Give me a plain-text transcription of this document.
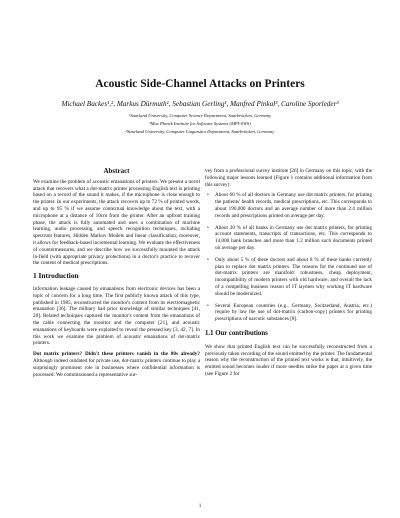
Acoustic Side-Channel Attacks on Printers
Michael Backes¹,², Markus Dürmuth¹, Sebastian Gerling¹, Manfred Pinkal³, Caroline Sporleder³
¹Saarland University, Computer Science Department, Saarbrücken, Germany
²Max Planck Institute for Software Systems (MPI-SWS)
³Saarland University, Computer Linguistics Department, Saarbrücken, Germany
Abstract

We examine the problem of acoustic emanations of printers. We present a novel attack that recovers what a dot-matrix printer processing English text is printing based on a record of the sound it makes, if the microphone is close enough to the printer. In our experiments, the attack recovers up to 72 % of printed words, and up to 95 % if we assume contextual knowledge about the text, with a microphone at a distance of 10cm from the printer. After an upfront training phase, the attack is fully automated and uses a combination of machine learning, audio processing, and speech recognition techniques, including spectrum features, Hidden Markov Models and linear classification; moreover, it allows for feedback-based incremental learning. We evaluate the effectiveness of countermeasures, and we describe how we successfully mounted the attack in-field (with appropriate privacy protections) in a doctor's practice to recover the content of medical prescriptions.

1 Introduction

Information leakage caused by emanations from electronic devices has been a topic of concern for a long time. The first publicly known attack of this type, published in 1985, reconstructed the monitor's content from its electromagnetic emanation [36]. The military had prior knowledge of similar techniques [41, 20]. Related techniques captured the monitor's content from the emanations of the cable connecting the monitor and the computer [21], and acoustic emanations of keyboards were exploited to reveal the pressed key [3, 42, 7]. In this work we examine the problem of acoustic emanations of dot-matrix printers.

Dot matrix printers? Didn't these printers vanish in the 80s already? Although indeed outdated for private use, dot-matrix printers continue to play a surprisingly prominent role in businesses where confidential information is processed. We commissioned a representative sur-

vey from a professional survey institute [26] in Germany on this topic, with the following major lessons learned (Figure 1 contains additional information from this survey):

• About 60 % of all doctors in Germany use dot matrix printers, for printing the patients' health records, medical prescriptions, etc. This corresponds to about 190,000 doctors and an average number of more than 2.4 million records and prescriptions printed on average per day.
• About 30 % of all banks in Germany use dot matrix printers, for printing account statements, transcripts of transactions, etc. This corresponds to 14,000 bank branches and more than 1.2 million such documents printed on average per day.
• Only about 5 % of these doctors and about 8 % of these banks currently plan to replace dot matrix printers. The reasons for the continued use of dot-matrix printers are manifold: robustness, cheap deployment, incompatibility of modern printers with old hardware, and overall the lack of a compelling business reason of IT laymen why working IT hardware should be modernized.
• Several European countries (e.g., Germany, Switzerland, Austria, etc.) require by law the use of dot-matrix (carbon-copy) printers for printing prescriptions of narcotic substances [8].
1.1 Our contributions

We show that printed English text can be successfully reconstructed from a previously taken recording of the sound emitted by the printer. The fundamental reason why the reconstruction of the printed text works is that, intuitively, the emitted sound becomes louder if more needles strike the paper at a given time (see Figure 2 for

1
